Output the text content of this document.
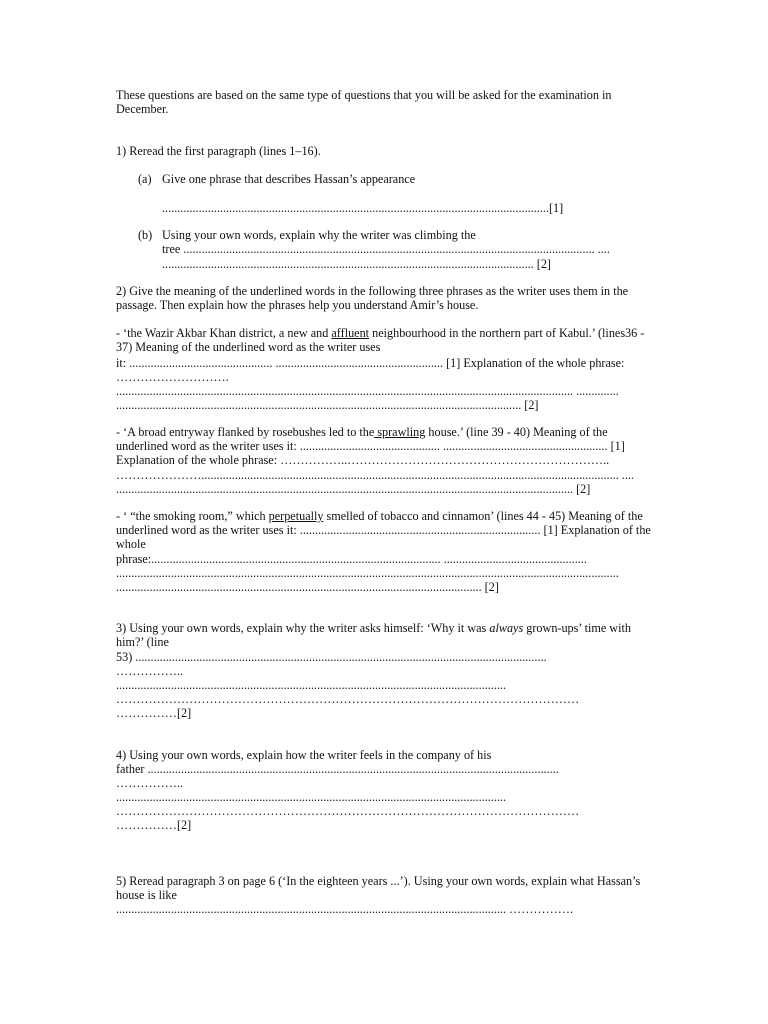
These questions are based on the same type of questions that you will be asked for the examination in December.

1) Reread the first paragraph (lines 1–16).

(a) Give one phrase that describes Hassan’s appearance
...............................................................................................................................[1]
(b) Using your own words, explain why the writer was climbing the
tree ....................................................................................................................................... ....
.......................................................................................................................... [2]

2) Give the meaning of the underlined words in the following three phrases as the writer uses them in the passage. Then explain how the phrases help you understand Amir’s house.

- ‘the Wazir Akbar Khan district, a new and affluent neighbourhood in the northern part of Kabul.’ (lines36 - 37) Meaning of the underlined word as the writer uses
it: ............................................... ....................................................... [1] Explanation of the whole phrase:
……………………….
...................................................................................................................................................... ..............
..................................................................................................................................... [2]
- ‘A broad entryway flanked by rosebushes led to the sprawling house.’ (line 39 - 40) Meaning of the underlined word as the writer uses it: .............................................. ...................................................... [1] Explanation of the whole phrase: ……………..………………………………………………………..
…………………......................................................................................................................................... ....
...................................................................................................................................................... [2]
- ‘ “the smoking room,” which perpetually smelled of tobacco and cinnamon’ (lines 44 - 45) Meaning of the underlined word as the writer uses it: ............................................................................... [1] Explanation of the whole
phrase:............................................................................................... ...............................................
.....................................................................................................................................................................
........................................................................................................................ [2]
3) Using your own words, explain why the writer asks himself: ‘Why it was always grown-ups’ time with him?’ (line
53) .......................................................................................................................................
……………..
................................................................................................................................
……………………………………………………………………………………………………
……………[2]
4) Using your own words, explain how the writer feels in the company of his
father .......................................................................................................................................
……………..
................................................................................................................................
……………………………………………………………………………………………………
……………[2]
5) Reread paragraph 3 on page 6 (‘In the eighteen years ...’). Using your own words, explain what Hassan’s house is like
................................................................................................................................ …………….
